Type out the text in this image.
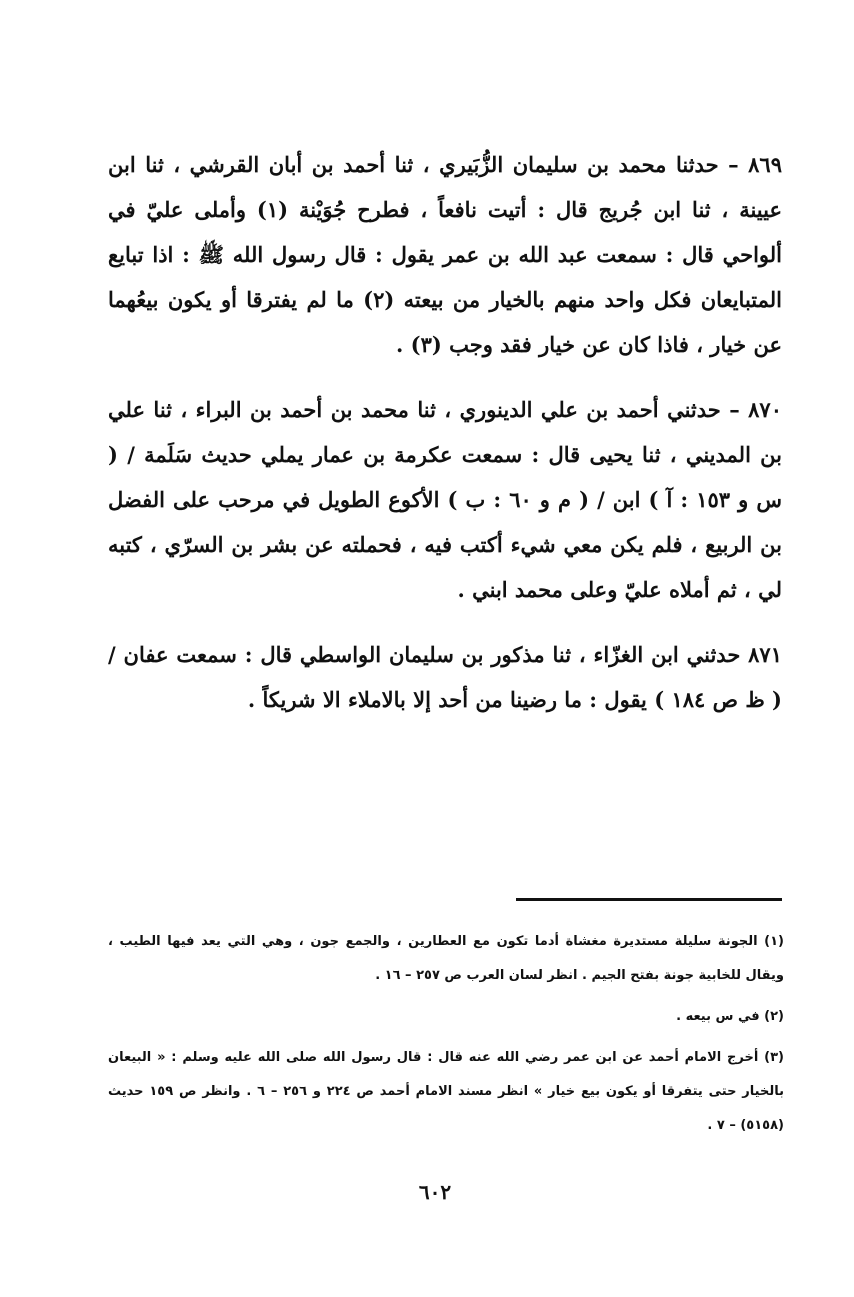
٨٦٩ – حدثنا محمد بن سليمان الزُّبَيري ، ثنا أحمد بن أبان القرشي ، ثنا ابن عيينة ، ثنا ابن جُريج قال : أتيت نافعاً ، فطرح جُوَيْنة (١) وأملى عليّ في ألواحي قال : سمعت عبد الله بن عمر يقول : قال رسول الله ﷺ : اذا تبايع المتبايعان فكل واحد منهم بالخيار من بيعته (٢) ما لم يفترقا أو يكون بيعُهما عن خيار ، فاذا كان عن خيار فقد وجب (٣) .

٨٧٠ – حدثني أحمد بن علي الدينوري ، ثنا محمد بن أحمد بن البراء ، ثنا علي بن المديني ، ثنا يحيى قال : سمعت عكرمة بن عمار يملي حديث سَلَمة / ( س و ١٥٣ : آ ) ابن / ( م و ٦٠ : ب ) الأكوع الطويل في مرحب على الفضل بن الربيع ، فلم يكن معي شيء أكتب فيه ، فحملته عن بشر بن السرّي ، كتبه لي ، ثم أملاه عليّ وعلى محمد ابني .

٨٧١ حدثني ابن الغزّاء ، ثنا مذكور بن سليمان الواسطي قال : سمعت عفان / ( ظ ص ١٨٤ ) يقول : ما رضينا من أحد إلا بالاملاء الا شريكاً .

(١) الجونة سليلة مستديرة مغشاة أدما تكون مع العطارين ، والجمع جون ، وهي التي يعد فيها الطيب ، ويقال للخابية جونة بفتح الجيم . انظر لسان العرب ص ٢٥٧ – ١٦ .

(٢) في س بيعه .

(٣) أخرج الامام أحمد عن ابن عمر رضي الله عنه قال : قال رسول الله صلى الله عليه وسلم : « البيعان بالخيار حتى يتفرقا أو يكون بيع خيار » انظر مسند الامام أحمد ص ٢٢٤ و ٢٥٦ – ٦ . وانظر ص ١٥٩ حديث (٥١٥٨) – ٧ .

٦٠٢
